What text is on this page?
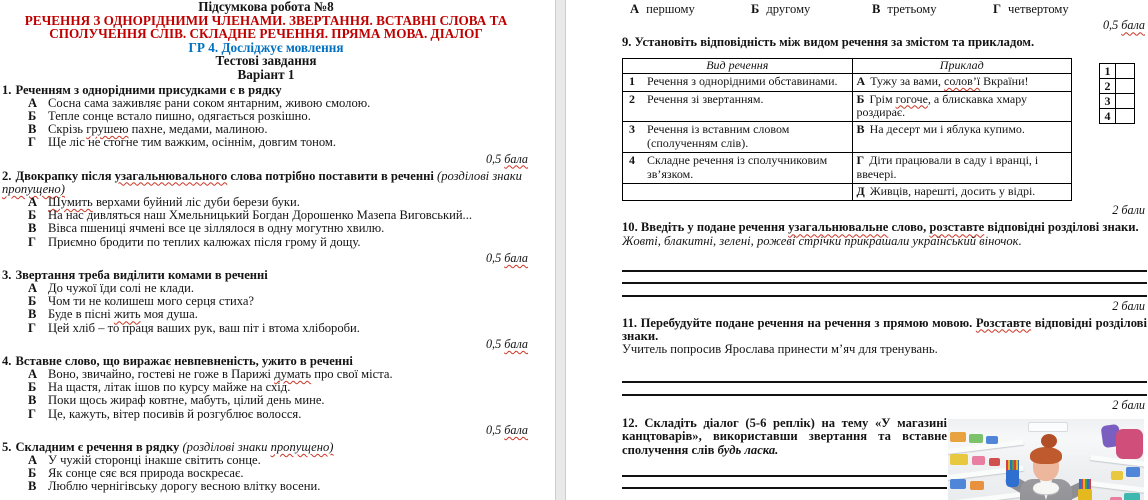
Підсумкова робота №8
РЕЧЕННЯ З ОДНОРІДНИМИ ЧЛЕНАМИ. ЗВЕРТАННЯ. ВСТАВНІ СЛОВА ТА СПОЛУЧЕННЯ СЛІВ. СКЛАДНЕ РЕЧЕННЯ. ПРЯМА МОВА. ДІАЛОГ
ГР 4. Досліджує мовлення
Тестові завдання
Варіант 1
1. Реченням з однорідними присудками є в рядку
А Сосна сама заживляє рани соком янтарним, живою смолою.
Б Тепле сонце встало пишно, одягається розкішно.
В Скрізь грушею пахне, медами, малиною.
Г Ще ліс не стогне тим важким, осіннім, довгим тоном.
0,5 бала
2. Двокрапку після узагальнювального слова потрібно поставити в реченні (розділові знаки пропущено)
А Шумить верхами буйний ліс дуби берези буки.
Б На нас дивляться наш Хмельницький Богдан Дорошенко Мазепа Виговський...
В Вівса пшениці ячмені все це зіллялося в одну могутню хвилю.
Г Приємно бродити по теплих калюжах після грому й дощу.
0,5 бала
3. Звертання треба виділити комами в реченні
А До чужої їди солі не клади.
Б Чом ти не колишеш мого серця стиха?
В Буде в пісні жить моя душа.
Г Цей хліб – то праця ваших рук, ваш піт і втома хлібороби.
0,5 бала
4. Вставне слово, що виражає невпевненість, ужито в реченні
А Воно, звичайно, гостеві не гоже в Парижі думать про свої міста.
Б На щастя, літак ішов по курсу майже на схід.
В Поки щось жираф ковтне, мабуть, цілий день мине.
Г Це, кажуть, вітер посивів й розгублює волосся.
0,5 бала
5. Складним є речення в рядку (розділові знаки пропущено)
А У чужій сторонці інакше світить сонце.
Б Як сонце сяє вся природа воскресає.
В Люблю чернігівську дорогу весною влітку восени.
А першому	Б другому	В третьому	Г четвертому
0,5 бала
9. Установіть відповідність між видом речення за змістом та прикладом.
Вид речення	Приклад

1 Речення з однорідними обставинами.	А Тужу за вами, солов’ї Вкраїни!

2 Речення зі звертанням.	Б Грім гогоче, а блискавка хмару роздирає.

3 Речення із вставним словом (сполученням слів).	В На десерт ми і яблука купимо.

4 Складне речення із сполучниковим зв’язком.	Г Діти працювали в саду і вранці, і ввечері.

	Д Живців, нарешті, досить у відрі.
1	
2	
3	
4	
2 бали
10. Введіть у подане речення узагальнювальне слово, розставте відповідні розділові знаки.
Жовті, блакитні, зелені, рожеві стрічки прикрашали український віночок.
2 бали
11. Перебудуйте подане речення на речення з прямою мовою. Розставте відповідні розділові знаки.
Учитель попросив Ярослава принести м’яч для тренувань.
2 бали
12. Складіть діалог (5-6 реплік) на тему «У магазині канцтоварів», використавши звертання та вставне сполучення слів будь ласка.
